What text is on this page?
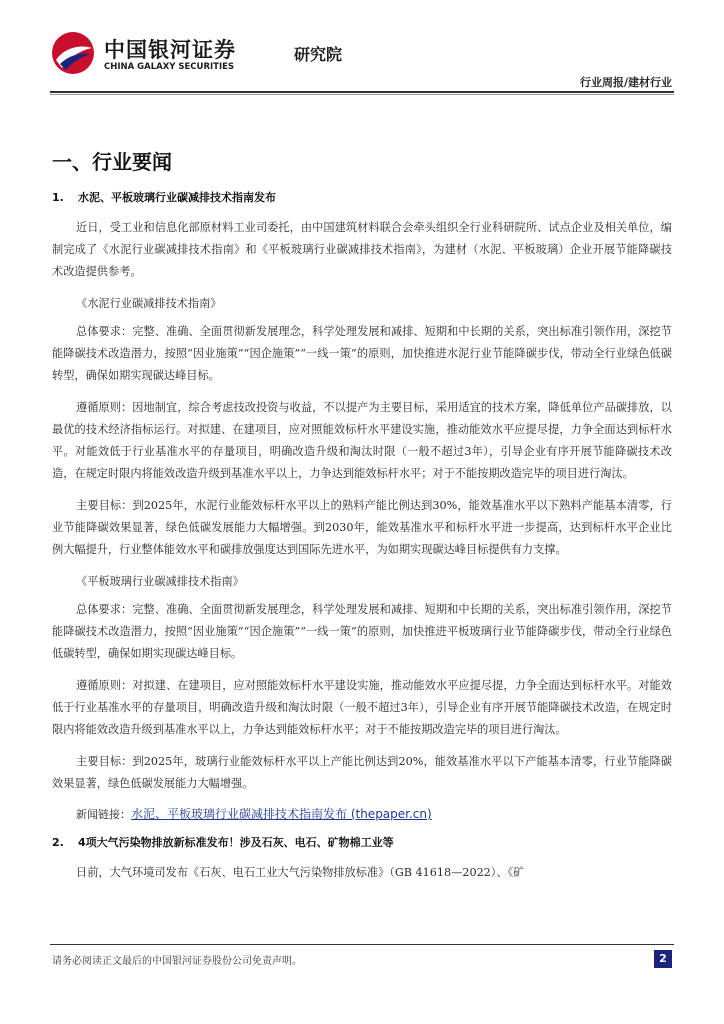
中国银河证券
CHINA GALAXY SECURITIES
研究院
行业周报/建材行业
一、行业要闻
1. 水泥、平板玻璃行业碳减排技术指南发布

近日，受工业和信息化部原材料工业司委托，由中国建筑材料联合会牵头组织全行业科研院所、试点企业及相关单位，编制完成了《水泥行业碳减排技术指南》和《平板玻璃行业碳减排技术指南》，为建材（水泥、平板玻璃）企业开展节能降碳技术改造提供参考。

《水泥行业碳减排技术指南》

总体要求：完整、准确、全面贯彻新发展理念，科学处理发展和减排、短期和中长期的关系，突出标准引领作用，深挖节能降碳技术改造潜力，按照“因业施策”“因企施策”“一线一策”的原则，加快推进水泥行业节能降碳步伐，带动全行业绿色低碳转型，确保如期实现碳达峰目标。

遵循原则：因地制宜，综合考虑技改投资与收益，不以提产为主要目标，采用适宜的技术方案，降低单位产品碳排放，以最优的技术经济指标运行。对拟建、在建项目，应对照能效标杆水平建设实施，推动能效水平应提尽提，力争全面达到标杆水平。对能效低于行业基准水平的存量项目，明确改造升级和淘汰时限（一般不超过3年），引导企业有序开展节能降碳技术改造，在规定时限内将能效改造升级到基准水平以上，力争达到能效标杆水平；对于不能按期改造完毕的项目进行淘汰。

主要目标：到2025年，水泥行业能效标杆水平以上的熟料产能比例达到30%，能效基准水平以下熟料产能基本清零，行业节能降碳效果显著，绿色低碳发展能力大幅增强。到2030年，能效基准水平和标杆水平进一步提高，达到标杆水平企业比例大幅提升，行业整体能效水平和碳排放强度达到国际先进水平，为如期实现碳达峰目标提供有力支撑。

《平板玻璃行业碳减排技术指南》

总体要求：完整、准确、全面贯彻新发展理念，科学处理发展和减排、短期和中长期的关系，突出标准引领作用，深挖节能降碳技术改造潜力，按照“因业施策”“因企施策”“一线一策”的原则，加快推进平板玻璃行业节能降碳步伐，带动全行业绿色低碳转型，确保如期实现碳达峰目标。

遵循原则：对拟建、在建项目，应对照能效标杆水平建设实施，推动能效水平应提尽提，力争全面达到标杆水平。对能效低于行业基准水平的存量项目，明确改造升级和淘汰时限（一般不超过3年），引导企业有序开展节能降碳技术改造，在规定时限内将能效改造升级到基准水平以上，力争达到能效标杆水平；对于不能按期改造完毕的项目进行淘汰。

主要目标：到2025年，玻璃行业能效标杆水平以上产能比例达到20%，能效基准水平以下产能基本清零，行业节能降碳效果显著，绿色低碳发展能力大幅增强。

新闻链接：水泥、平板玻璃行业碳减排技术指南发布 (thepaper.cn)
2. 4项大气污染物排放新标准发布！涉及石灰、电石、矿物棉工业等

日前，大气环境司发布《石灰、电石工业大气污染物排放标准》（GB 41618—2022）、《矿

请务必阅读正文最后的中国银河证券股份公司免责声明。	2
